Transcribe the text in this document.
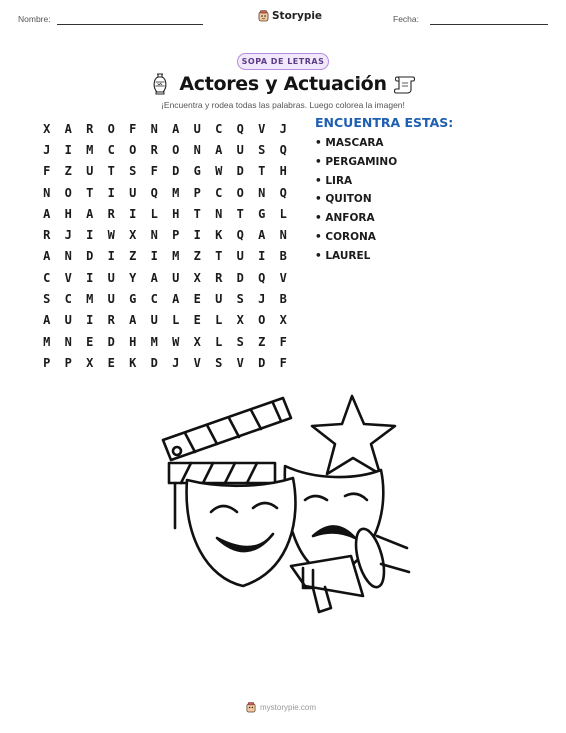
Nombre:	Storypie	Fecha:
SOPA DE LETRAS
Actores y Actuación
¡Encuentra y rodea todas las palabras. Luego colorea la imagen!
X	A	R	O	F	N	A	U	C	Q	V	J
J	I	M	C	O	R	O	N	A	U	S	Q
F	Z	U	T	S	F	D	G	W	D	T	H
N	O	T	I	U	Q	M	P	C	O	N	Q
A	H	A	R	I	L	H	T	N	T	G	L
R	J	I	W	X	N	P	I	K	Q	A	N
A	N	D	I	Z	I	M	Z	T	U	I	B
C	V	I	U	Y	A	U	X	R	D	Q	V
S	C	M	U	G	C	A	E	U	S	J	B
A	U	I	R	A	U	L	E	L	X	O	X
M	N	E	D	H	M	W	X	L	S	Z	F
P	P	X	E	K	D	J	V	S	V	D	F
ENCUENTRA ESTAS:
• MASCARA
• PERGAMINO
• LIRA
• QUITON
• ANFORA
• CORONA
• LAUREL
mystorypie.com
